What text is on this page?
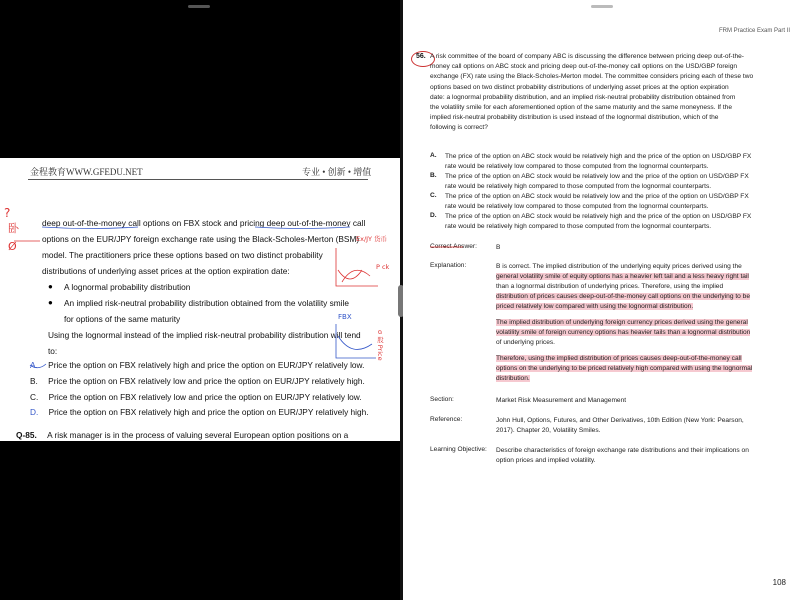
金程教育WWW.GFEDU.NET	专业 • 创新 • 增值
?
卧
Ø
deep out-of-the-money call options on FBX stock and pricing deep out-of-the-money call
options on the EUR/JPY foreign exchange rate using the Black-Scholes-Merton (BSM)
model. The practitioners price these options based on two distinct probability
distributions of underlying asset prices at the option expiration date:
● A lognormal probability distribution
● An implied risk-neutral probability distribution obtained from the volatility smile
for options of the same maturity
Using the lognormal instead of the implied risk-neutral probability distribution will tend
to:
A. Price the option on FBX relatively high and price the option on EUR/JPY relatively low.
B. Price the option on FBX relatively low and price the option on EUR/JPY relatively high.
C. Price the option on FBX relatively low and price the option on EUR/JPY relatively low.
D. Price the option on FBX relatively high and price the option on EUR/JPY relatively high.
Q-85. A risk manager is in the process of valuing several European option positions on a
Ex/JY 货币
P ck
FBX
σ 股 Price
FRM Practice Exam Part II
56. A risk committee of the board of company ABC is discussing the difference between pricing deep out-of-the-
money call options on ABC stock and pricing deep out-of-the-money call options on the USD/GBP foreign
exchange (FX) rate using the Black-Scholes-Merton model. The committee considers pricing each of these two
options based on two distinct probability distributions of underlying asset prices at the option expiration
date: a lognormal probability distribution, and an implied risk-neutral probability distribution obtained from
the volatility smile for each aforementioned option of the same maturity and the same moneyness. If the
implied risk-neutral probability distribution is used instead of the lognormal distribution, which of the
following is correct?
A. The price of the option on ABC stock would be relatively high and the price of the option on USD/GBP FX
rate would be relatively low compared to those computed from the lognormal counterparts.
B. The price of the option on ABC stock would be relatively low and the price of the option on USD/GBP FX
rate would be relatively high compared to those computed from the lognormal counterparts.
C. The price of the option on ABC stock would be relatively low and the price of the option on USD/GBP FX
rate would be relatively low compared to those computed from the lognormal counterparts.
D. The price of the option on ABC stock would be relatively high and the price of the option on USD/GBP FX
rate would be relatively high compared to those computed from the lognormal counterparts.
Correct Answer:	B
Explanation:	B is correct. The implied distribution of the underlying equity prices derived using the
general volatility smile of equity options has a heavier left tail and a less heavy right tail
than a lognormal distribution of underlying prices. Therefore, using the implied
distribution of prices causes deep-out-of-the-money call options on the underlying to be
priced relatively low compared with using the lognormal distribution.
The implied distribution of underlying foreign currency prices derived using the general
volatility smile of foreign currency options has heavier tails than a lognormal distribution
of underlying prices.
Therefore, using the implied distribution of prices causes deep-out-of-the-money call
options on the underlying to be priced relatively high compared with using the lognormal
distribution.
Section:	Market Risk Measurement and Management
Reference:	John Hull, Options, Futures, and Other Derivatives, 10th Edition (New York: Pearson,
2017). Chapter 20, Volatility Smiles.
Learning Objective: Describe characteristics of foreign exchange rate distributions and their implications on
option prices and implied volatility.
108
